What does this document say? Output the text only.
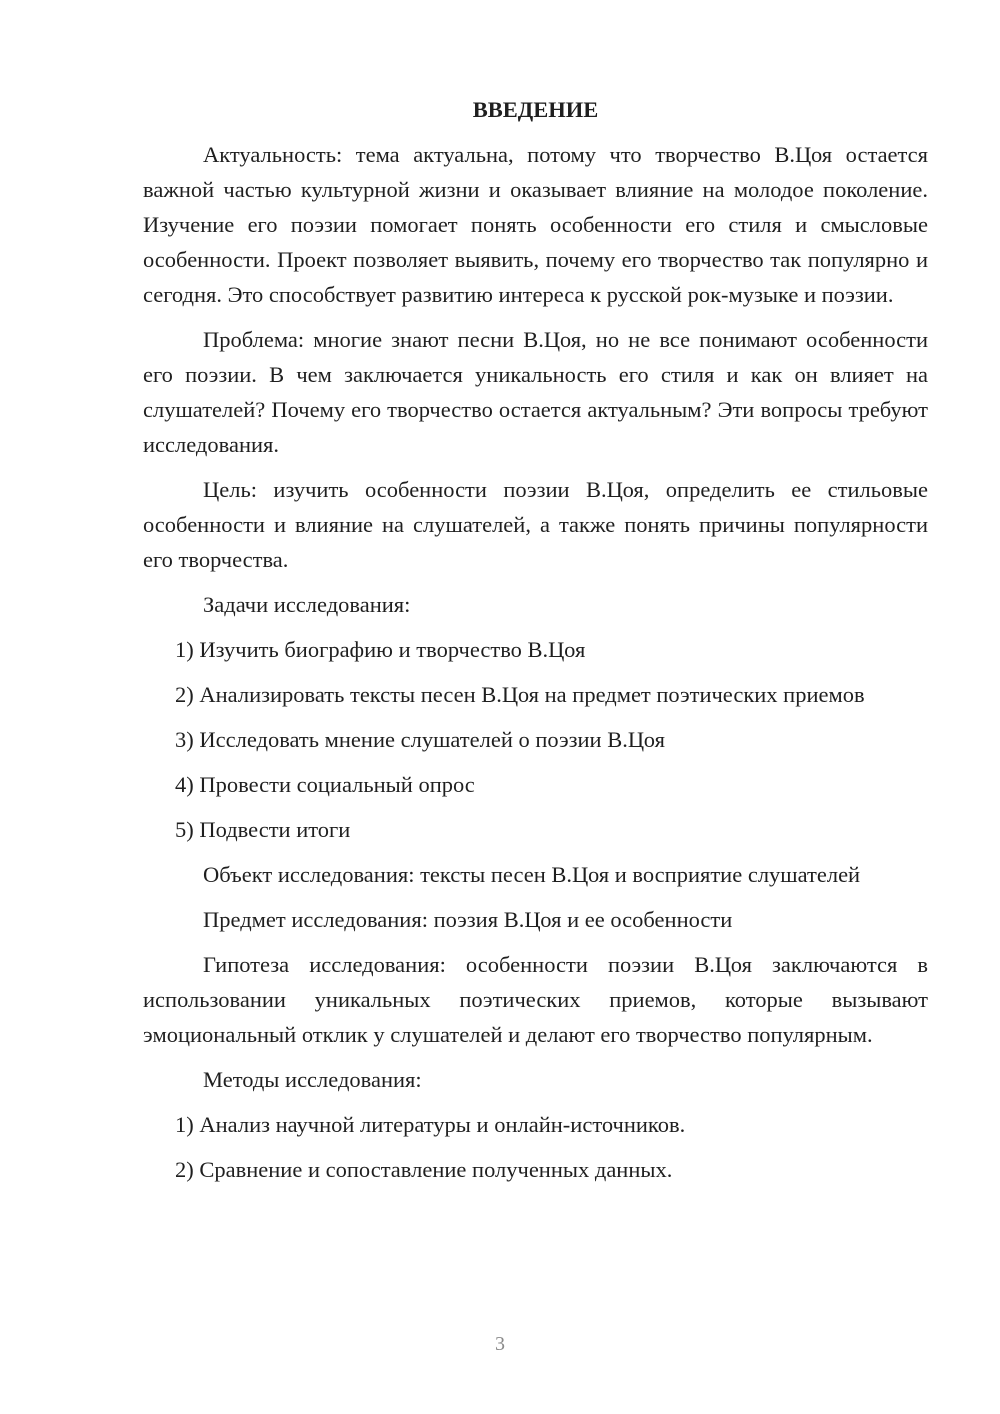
ВВЕДЕНИЕ

Актуальность: тема актуальна, потому что творчество В.Цоя остается важной частью культурной жизни и оказывает влияние на молодое поколение. Изучение его поэзии помогает понять особенности его стиля и смысловые особенности. Проект позволяет выявить, почему его творчество так популярно и сегодня. Это способствует развитию интереса к русской рок-музыке и поэзии.

Проблема: многие знают песни В.Цоя, но не все понимают особенности его поэзии. В чем заключается уникальность его стиля и как он влияет на слушателей? Почему его творчество остается актуальным? Эти вопросы требуют исследования.

Цель: изучить особенности поэзии В.Цоя, определить ее стильовые особенности и влияние на слушателей, а также понять причины популярности его творчества.

Задачи исследования:

1) Изучить биографию и творчество В.Цоя

2) Анализировать тексты песен В.Цоя на предмет поэтических приемов

3) Исследовать мнение слушателей о поэзии В.Цоя

4) Провести социальный опрос

5) Подвести итоги

Объект исследования: тексты песен В.Цоя и восприятие слушателей

Предмет исследования: поэзия В.Цоя и ее особенности

Гипотеза исследования: особенности поэзии В.Цоя заключаются в использовании уникальных поэтических приемов, которые вызывают эмоциональный отклик у слушателей и делают его творчество популярным.

Методы исследования:

1) Анализ научной литературы и онлайн-источников.

2) Сравнение и сопоставление полученных данных.

3
